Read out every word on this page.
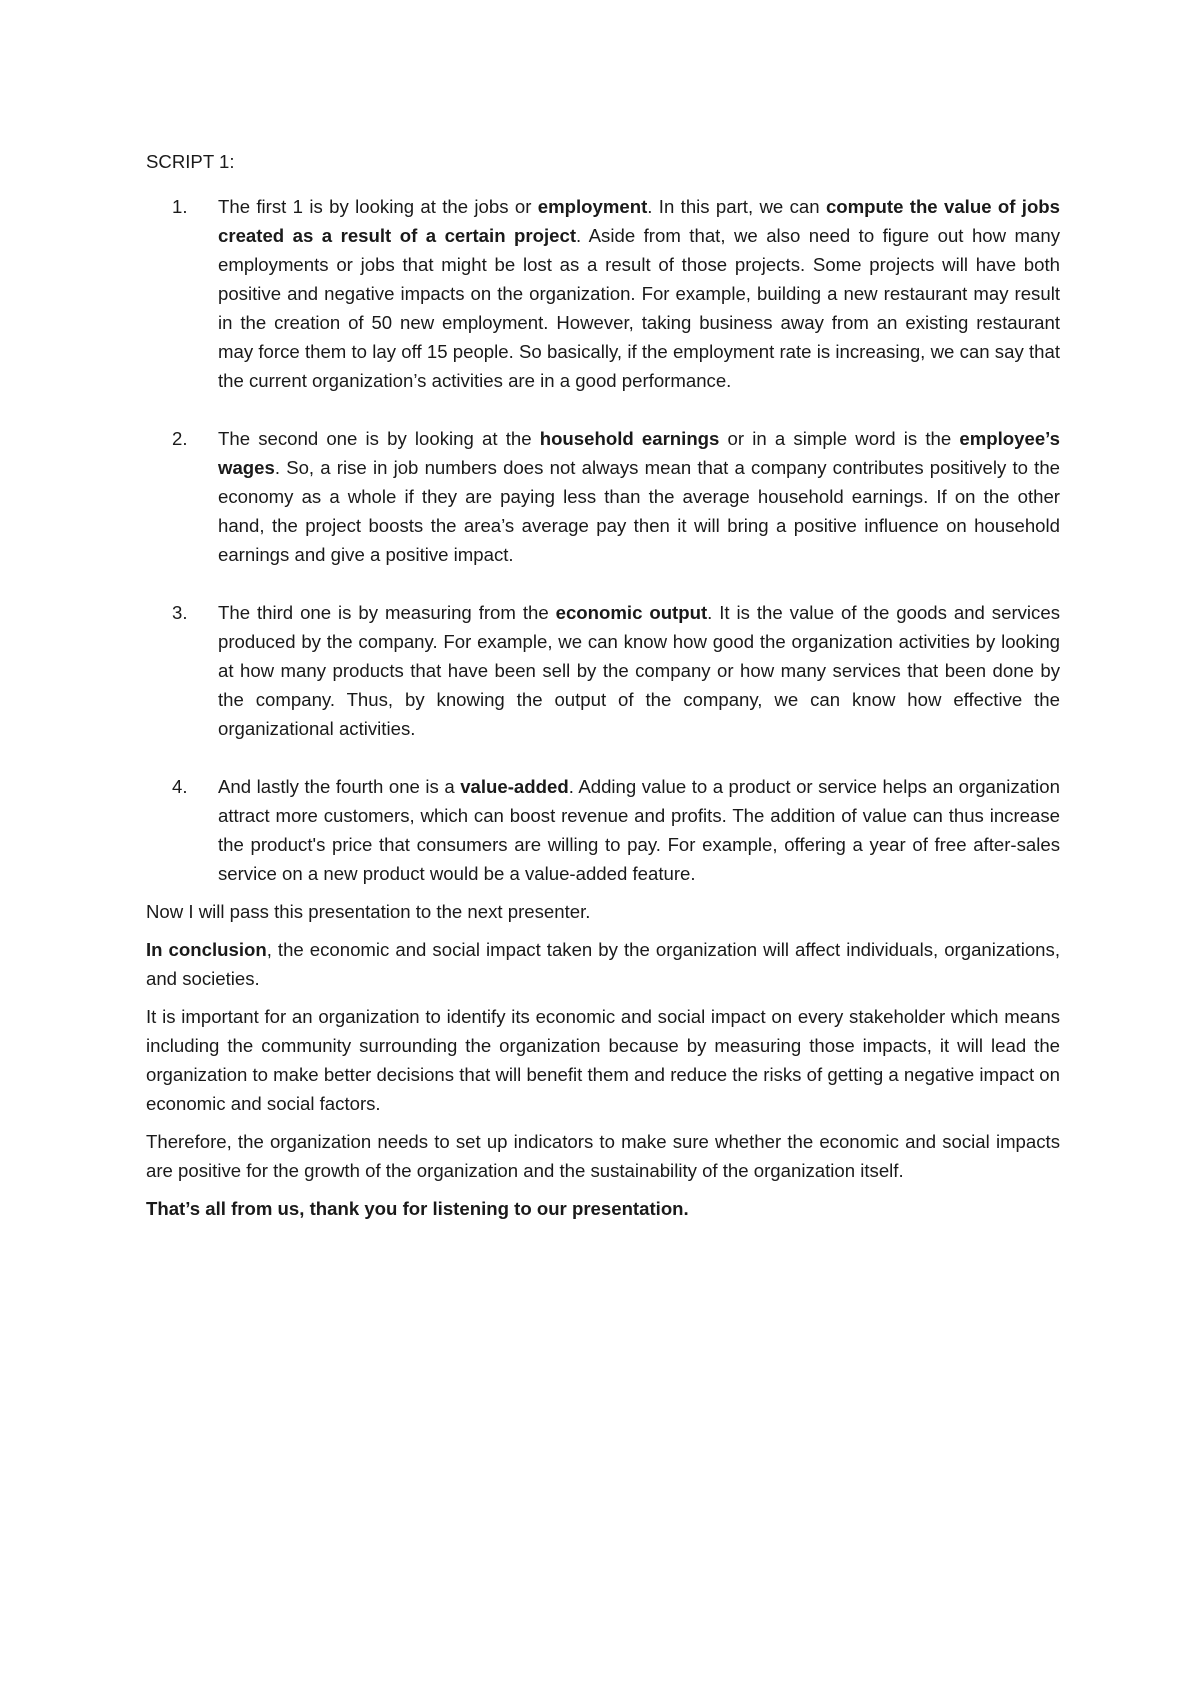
SCRIPT 1:
1. The first 1 is by looking at the jobs or employment. In this part, we can compute the value of jobs created as a result of a certain project. Aside from that, we also need to figure out how many employments or jobs that might be lost as a result of those projects. Some projects will have both positive and negative impacts on the organization. For example, building a new restaurant may result in the creation of 50 new employment. However, taking business away from an existing restaurant may force them to lay off 15 people. So basically, if the employment rate is increasing, we can say that the current organization’s activities are in a good performance.
2. The second one is by looking at the household earnings or in a simple word is the employee’s wages. So, a rise in job numbers does not always mean that a company contributes positively to the economy as a whole if they are paying less than the average household earnings. If on the other hand, the project boosts the area’s average pay then it will bring a positive influence on household earnings and give a positive impact.
3. The third one is by measuring from the economic output. It is the value of the goods and services produced by the company. For example, we can know how good the organization activities by looking at how many products that have been sell by the company or how many services that been done by the company. Thus, by knowing the output of the company, we can know how effective the organizational activities.
4. And lastly the fourth one is a value-added. Adding value to a product or service helps an organization attract more customers, which can boost revenue and profits. The addition of value can thus increase the product's price that consumers are willing to pay. For example, offering a year of free after-sales service on a new product would be a value-added feature.

Now I will pass this presentation to the next presenter.

In conclusion, the economic and social impact taken by the organization will affect individuals, organizations, and societies.

It is important for an organization to identify its economic and social impact on every stakeholder which means including the community surrounding the organization because by measuring those impacts, it will lead the organization to make better decisions that will benefit them and reduce the risks of getting a negative impact on economic and social factors.

Therefore, the organization needs to set up indicators to make sure whether the economic and social impacts are positive for the growth of the organization and the sustainability of the organization itself.

That’s all from us, thank you for listening to our presentation.
